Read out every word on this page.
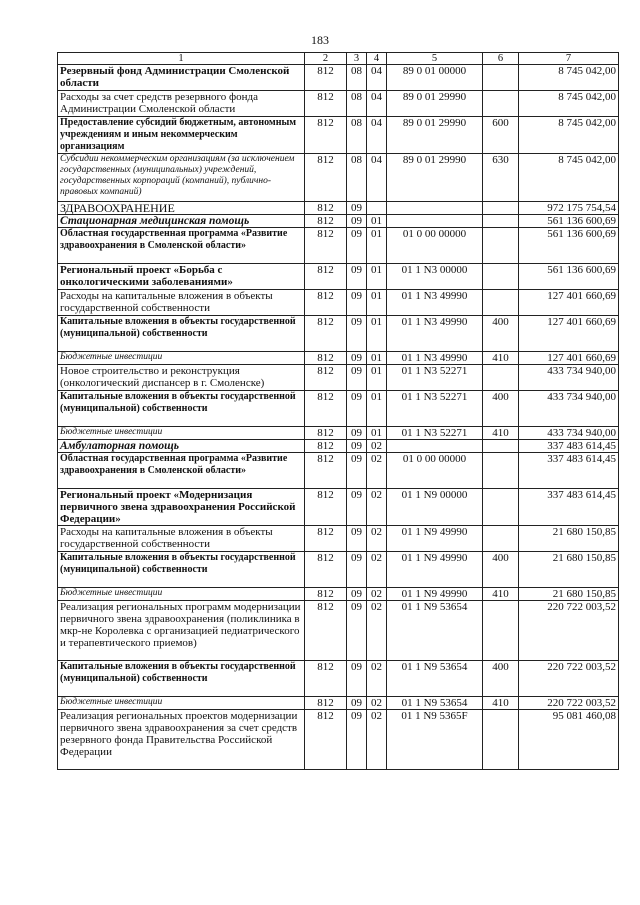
183
1	2	3	4	5	6	7
Резервный фонд Администрации Смоленской области	812	08	04	89 0 01 00000		8 745 042,00
Расходы за счет средств резервного фонда Администрации Смоленской области	812	08	04	89 0 01 29990		8 745 042,00
Предоставление субсидий бюджетным, автономным учреждениям и иным некоммерческим организациям	812	08	04	89 0 01 29990	600	8 745 042,00
Субсидии некоммерческим организациям (за исключением государственных (муниципальных) учреждений, государственных корпораций (компаний), публично-правовых компаний)	812	08	04	89 0 01 29990	630	8 745 042,00
ЗДРАВООХРАНЕНИЕ	812	09				972 175 754,54
Стационарная медицинская помощь	812	09	01			561 136 600,69
Областная государственная программа «Развитие здравоохранения в Смоленской области»	812	09	01	01 0 00 00000		561 136 600,69
Региональный проект «Борьба с онкологическими заболеваниями»	812	09	01	01 1 N3 00000		561 136 600,69
Расходы на капитальные вложения в объекты государственной собственности	812	09	01	01 1 N3 49990		127 401 660,69
Капитальные вложения в объекты государственной (муниципальной) собственности	812	09	01	01 1 N3 49990	400	127 401 660,69
Бюджетные инвестиции	812	09	01	01 1 N3 49990	410	127 401 660,69
Новое строительство и реконструкция (онкологический диспансер в г. Смоленске)	812	09	01	01 1 N3 52271		433 734 940,00
Капитальные вложения в объекты государственной (муниципальной) собственности	812	09	01	01 1 N3 52271	400	433 734 940,00
Бюджетные инвестиции	812	09	01	01 1 N3 52271	410	433 734 940,00
Амбулаторная помощь	812	09	02			337 483 614,45
Областная государственная программа «Развитие здравоохранения в Смоленской области»	812	09	02	01 0 00 00000		337 483 614,45
Региональный проект «Модернизация первичного звена здравоохранения Российской Федерации»	812	09	02	01 1 N9 00000		337 483 614,45
Расходы на капитальные вложения в объекты государственной собственности	812	09	02	01 1 N9 49990		21 680 150,85
Капитальные вложения в объекты государственной (муниципальной) собственности	812	09	02	01 1 N9 49990	400	21 680 150,85
Бюджетные инвестиции	812	09	02	01 1 N9 49990	410	21 680 150,85
Реализация региональных программ модернизации первичного звена здравоохранения (поликлиника в мкр-не Королевка с организацией педиатрического и терапевтического приемов)	812	09	02	01 1 N9 53654		220 722 003,52
Капитальные вложения в объекты государственной (муниципальной) собственности	812	09	02	01 1 N9 53654	400	220 722 003,52
Бюджетные инвестиции	812	09	02	01 1 N9 53654	410	220 722 003,52
Реализация региональных проектов модернизации первичного звена здравоохранения за счет средств резервного фонда Правительства Российской Федерации	812	09	02	01 1 N9 5365F		95 081 460,08
